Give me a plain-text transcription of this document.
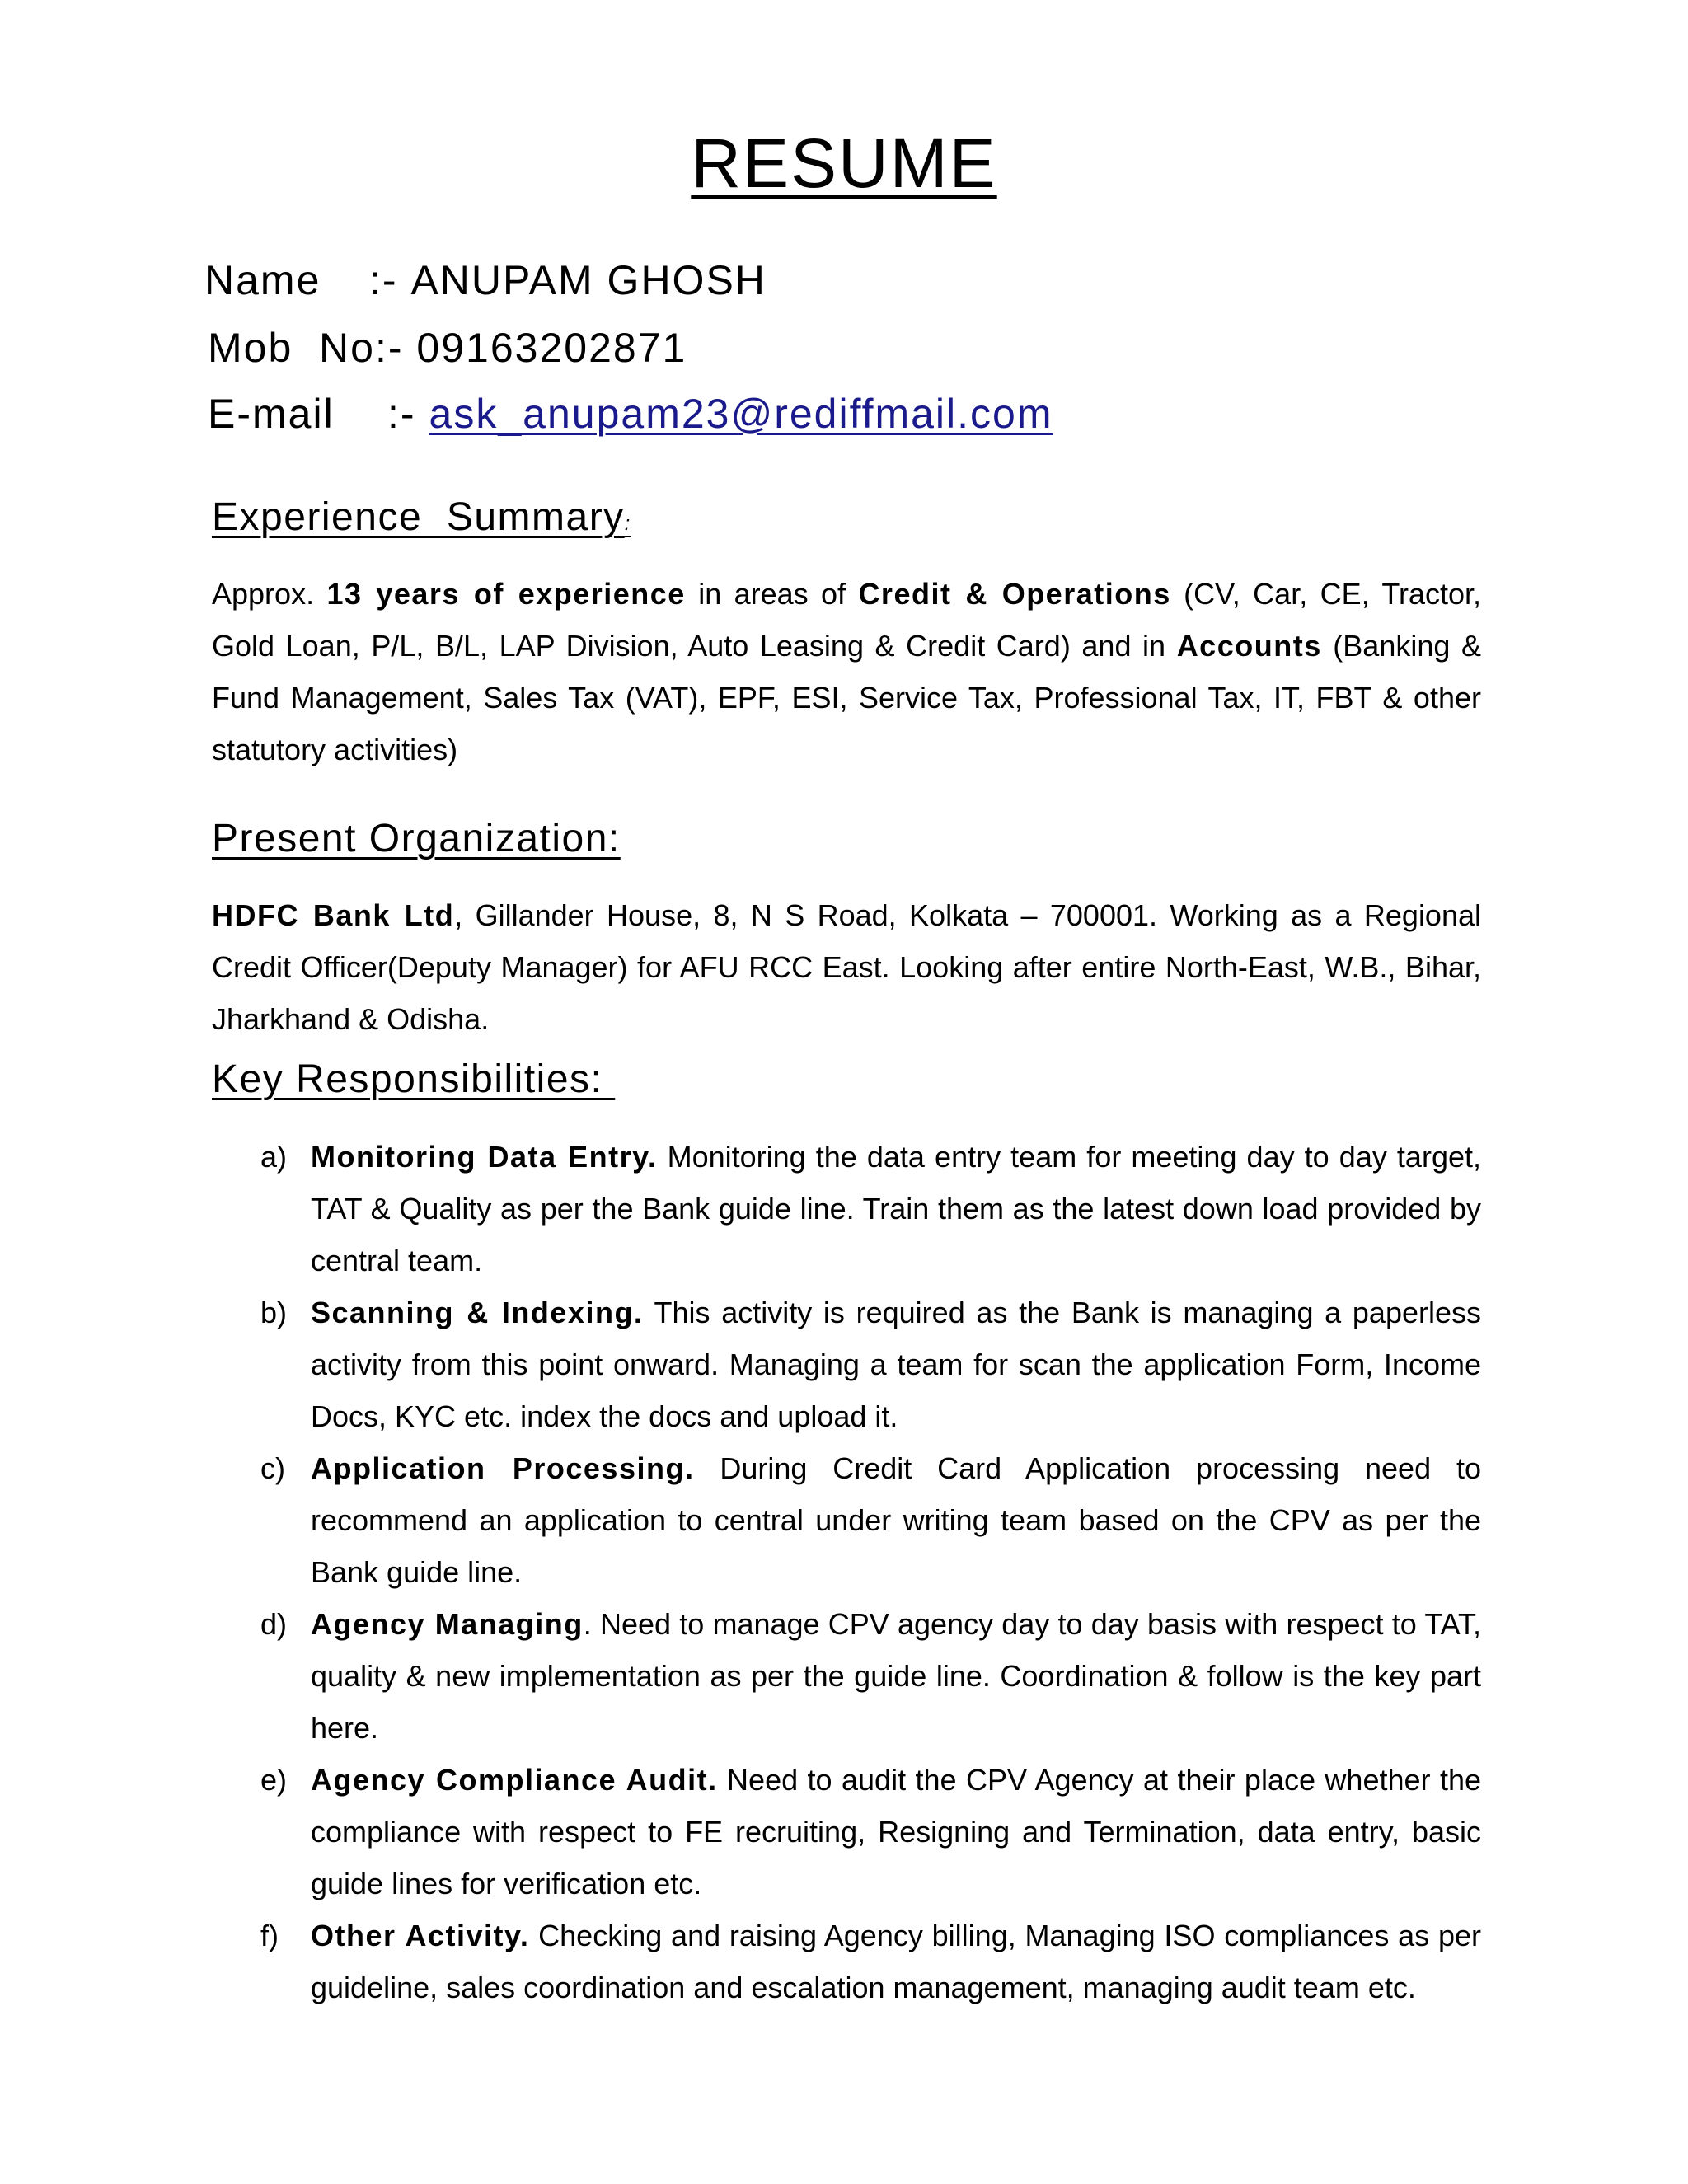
RESUME
Name :- ANUPAM GHOSH
Mob  No:- 09163202871
E-mail :- ask_anupam23@rediffmail.com
Experience  Summary:
Approx. 13 years of experience in areas of Credit & Operations (CV, Car, CE, Tractor, Gold Loan, P/L, B/L, LAP Division, Auto Leasing & Credit Card) and in Accounts (Banking & Fund Management, Sales Tax (VAT), EPF, ESI, Service Tax, Professional Tax, IT, FBT & other statutory activities)
Present Organization:
HDFC Bank Ltd, Gillander House, 8, N S Road, Kolkata – 700001. Working as a Regional Credit Officer(Deputy Manager) for AFU RCC East. Looking after entire North-East, W.B., Bihar, Jharkhand & Odisha.
Key Responsibilities:
a) Monitoring Data Entry. Monitoring the data entry team for meeting day to day target, TAT & Quality as per the Bank guide line. Train them as the latest down load provided by central team.
b) Scanning & Indexing. This activity is required as the Bank is managing a paperless activity from this point onward. Managing a team for scan the application Form, Income Docs, KYC etc. index the docs and upload it.
c) Application Processing. During Credit Card Application processing need to recommend an application to central under writing team based on the CPV as per the Bank guide line.
d) Agency Managing. Need to manage CPV agency day to day basis with respect to TAT, quality & new implementation as per the guide line. Coordination & follow is the key part here.
e) Agency Compliance Audit. Need to audit the CPV Agency at their place whether the compliance with respect to FE recruiting, Resigning and Termination, data entry, basic guide lines for verification etc.
f) Other Activity. Checking and raising Agency billing, Managing ISO compliances as per guideline, sales coordination and escalation management, managing audit team etc.
